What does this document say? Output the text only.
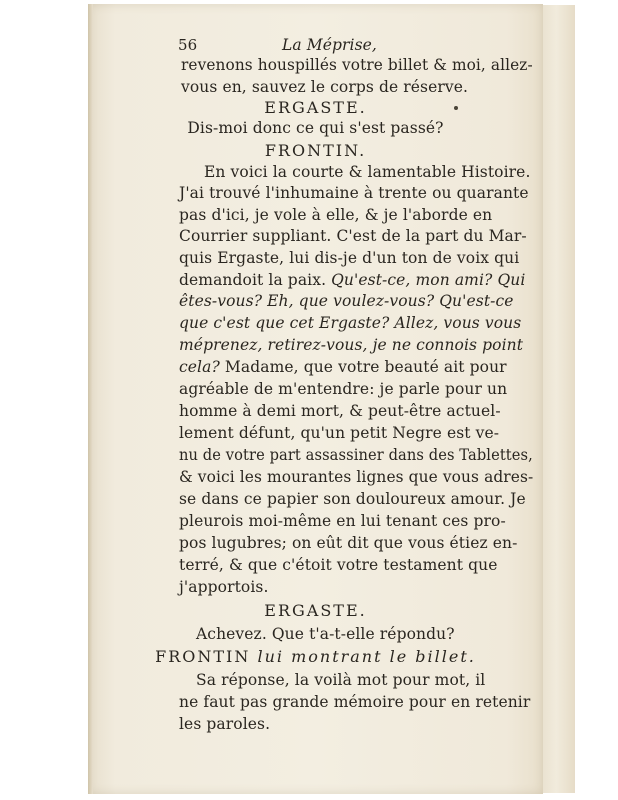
56	La Méprise,
revenons houspillés votre billet & moi, allez-
vous en, sauvez le corps de réserve.
ERGASTE.
Dis-moi donc ce qui s'est passé?
FRONTIN.
En voici la courte & lamentable Histoire.
J'ai trouvé l'inhumaine à trente ou quarante
pas d'ici, je vole à elle, & je l'aborde en
Courrier suppliant. C'est de la part du Mar-
quis Ergaste, lui dis-je d'un ton de voix qui
demandoit la paix. Qu'est-ce, mon ami? Qui
êtes-vous? Eh, que voulez-vous? Qu'est-ce
que c'est que cet Ergaste? Allez, vous vous
méprenez, retirez-vous, je ne connois point
cela? Madame, que votre beauté ait pour
agréable de m'entendre: je parle pour un
homme à demi mort, & peut-être actuel-
lement défunt, qu'un petit Negre est ve-
nu de votre part assassiner dans des Tablettes,
& voici les mourantes lignes que vous adres-
se dans ce papier son douloureux amour. Je
pleurois moi-même en lui tenant ces pro-
pos lugubres; on eût dit que vous étiez en-
terré, & que c'étoit votre testament que
j'apportois.
ERGASTE.
Achevez. Que t'a-t-elle répondu?
FRONTIN lui montrant le billet.
Sa réponse, la voilà mot pour mot, il
ne faut pas grande mémoire pour en retenir
les paroles.
